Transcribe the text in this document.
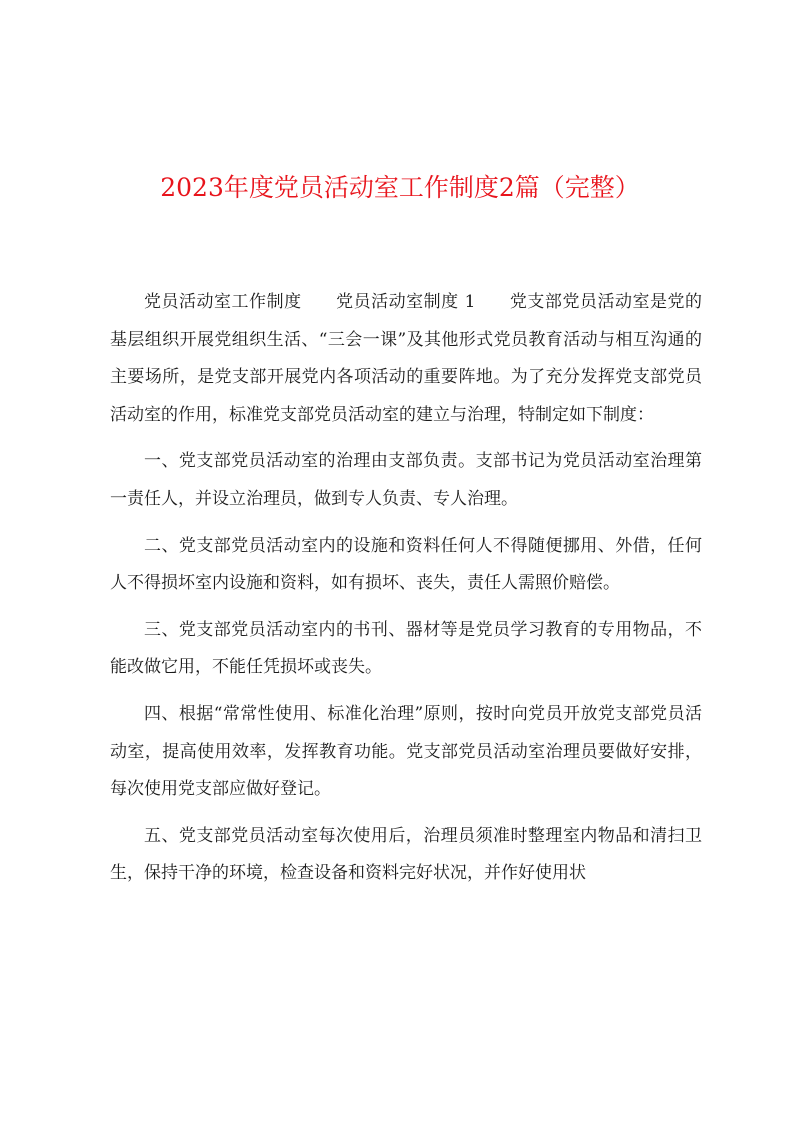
2023年度党员活动室工作制度2篇（完整）

党员活动室工作制度 党员活动室制度 1 党支部党员活动室是党的基层组织开展党组织生活、“三会一课”及其他形式党员教育活动与相互沟通的主要场所，是党支部开展党内各项活动的重要阵地。为了充分发挥党支部党员活动室的作用，标准党支部党员活动室的建立与治理，特制定如下制度：

一、党支部党员活动室的治理由支部负责。支部书记为党员活动室治理第一责任人，并设立治理员，做到专人负责、专人治理。

二、党支部党员活动室内的设施和资料任何人不得随便挪用、外借，任何人不得损坏室内设施和资料，如有损坏、丧失，责任人需照价赔偿。

三、党支部党员活动室内的书刊、器材等是党员学习教育的专用物品，不能改做它用，不能任凭损坏或丧失。

四、根据“常常性使用、标准化治理”原则，按时向党员开放党支部党员活动室，提高使用效率，发挥教育功能。党支部党员活动室治理员要做好安排，每次使用党支部应做好登记。

五、党支部党员活动室每次使用后，治理员须准时整理室内物品和清扫卫生，保持干净的环境，检查设备和资料完好状况，并作好使用状
